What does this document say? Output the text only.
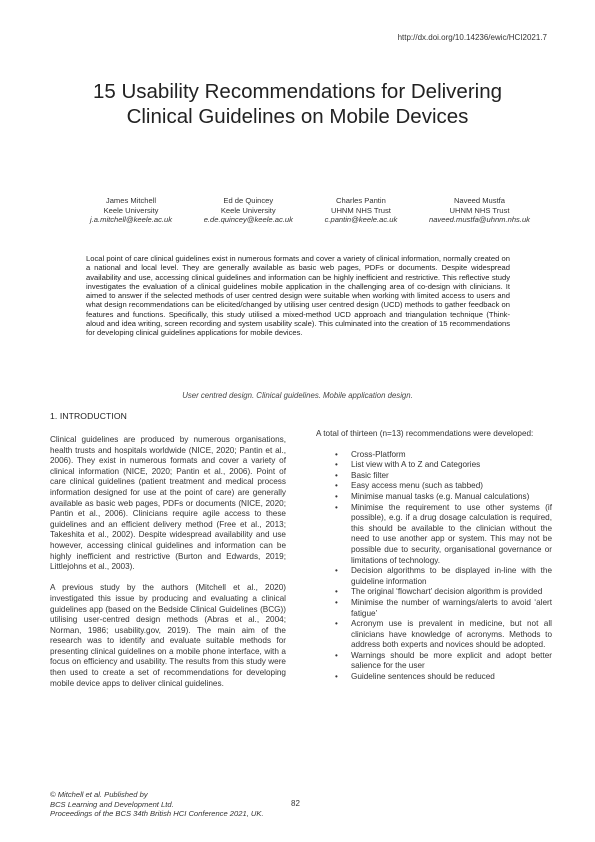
http://dx.doi.org/10.14236/ewic/HCI2021.7
15 Usability Recommendations for Delivering
Clinical Guidelines on Mobile Devices
James Mitchell
Keele University
j.a.mitchell@keele.ac.uk
Ed de Quincey
Keele University
e.de.quincey@keele.ac.uk
Charles Pantin
UHNM NHS Trust
c.pantin@keele.ac.uk
Naveed Mustfa
UHNM NHS Trust
naveed.mustfa@uhnm.nhs.uk

Local point of care clinical guidelines exist in numerous formats and cover a variety of clinical information, normally created on a national and local level. They are generally available as basic web pages, PDFs or documents. Despite widespread availability and use, accessing clinical guidelines and information can be highly inefficient and restrictive. This reflective study investigates the evaluation of a clinical guidelines mobile application in the challenging area of co-design with clinicians. It aimed to answer if the selected methods of user centred design were suitable when working with limited access to users and what design recommendations can be elicited/changed by utilising user centred design (UCD) methods to gather feedback on features and functions. Specifically, this study utilised a mixed-method UCD approach and triangulation technique (Think-aloud and idea writing, screen recording and system usability scale). This culminated into the creation of 15 recommendations for developing clinical guidelines applications for mobile devices.

User centred design. Clinical guidelines. Mobile application design.

1. INTRODUCTION

Clinical guidelines are produced by numerous organisations, health trusts and hospitals worldwide (NICE, 2020; Pantin et al., 2006). They exist in numerous formats and cover a variety of clinical information (NICE, 2020; Pantin et al., 2006). Point of care clinical guidelines (patient treatment and medical process information designed for use at the point of care) are generally available as basic web pages, PDFs or documents (NICE, 2020; Pantin et al., 2006). Clinicians require agile access to these guidelines and an efficient delivery method (Free et al., 2013; Takeshita et al., 2002). Despite widespread availability and use however, accessing clinical guidelines and information can be highly inefficient and restrictive (Burton and Edwards, 2019; Littlejohns et al., 2003).

A previous study by the authors (Mitchell et al., 2020) investigated this issue by producing and evaluating a clinical guidelines app (based on the Bedside Clinical Guidelines (BCG)) utilising user-centred design methods (Abras et al., 2004; Norman, 1986; usability.gov, 2019). The main aim of the research was to identify and evaluate suitable methods for presenting clinical guidelines on a mobile phone interface, with a focus on efficiency and usability. The results from this study were then used to create a set of recommendations for developing mobile device apps to deliver clinical guidelines.

A total of thirteen (n=13) recommendations were developed:

• Cross-Platform
• List view with A to Z and Categories
• Basic filter
• Easy access menu (such as tabbed)
• Minimise manual tasks (e.g. Manual calculations)
• Minimise the requirement to use other systems (if possible), e.g. if a drug dosage calculation is required, this should be available to the clinician without the need to use another app or system. This may not be possible due to security, organisational governance or limitations of technology.
• Decision algorithms to be displayed in-line with the guideline information
• The original ‘flowchart’ decision algorithm is provided
• Minimise the number of warnings/alerts to avoid ‘alert fatigue’
• Acronym use is prevalent in medicine, but not all clinicians have knowledge of acronyms. Methods to address both experts and novices should be adopted.
• Warnings should be more explicit and adopt better salience for the user
• Guideline sentences should be reduced
© Mitchell et al. Published by
BCS Learning and Development Ltd.
Proceedings of the BCS 34th British HCI Conference 2021, UK.
82
